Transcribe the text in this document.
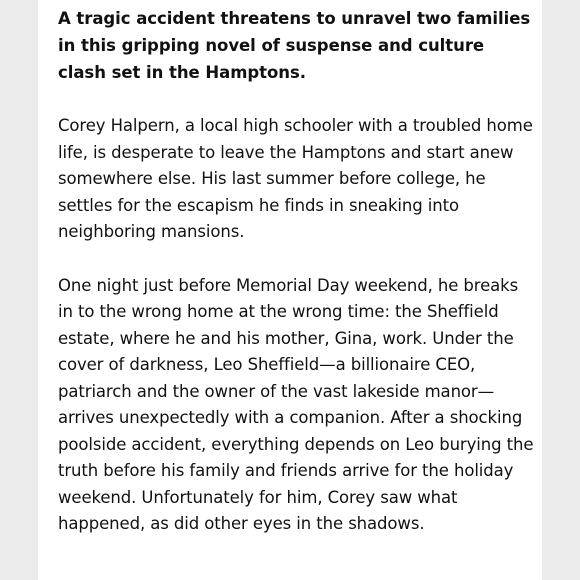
A tragic accident threatens to unravel two families in this gripping novel of suspense and culture clash set in the Hamptons.

Corey Halpern, a local high schooler with a troubled home life, is desperate to leave the Hamptons and start anew somewhere else. His last summer before college, he settles for the escapism he finds in sneaking into neighboring mansions.

One night just before Memorial Day weekend, he breaks in to the wrong home at the wrong time: the Sheffield estate, where he and his mother, Gina, work. Under the cover of darkness, Leo Sheffield—a billionaire CEO, patriarch and the owner of the vast lakeside manor—arrives unexpectedly with a companion. After a shocking poolside accident, everything depends on Leo burying the truth before his family and friends arrive for the holiday weekend. Unfortunately for him, Corey saw what happened, as did other eyes in the shadows.
